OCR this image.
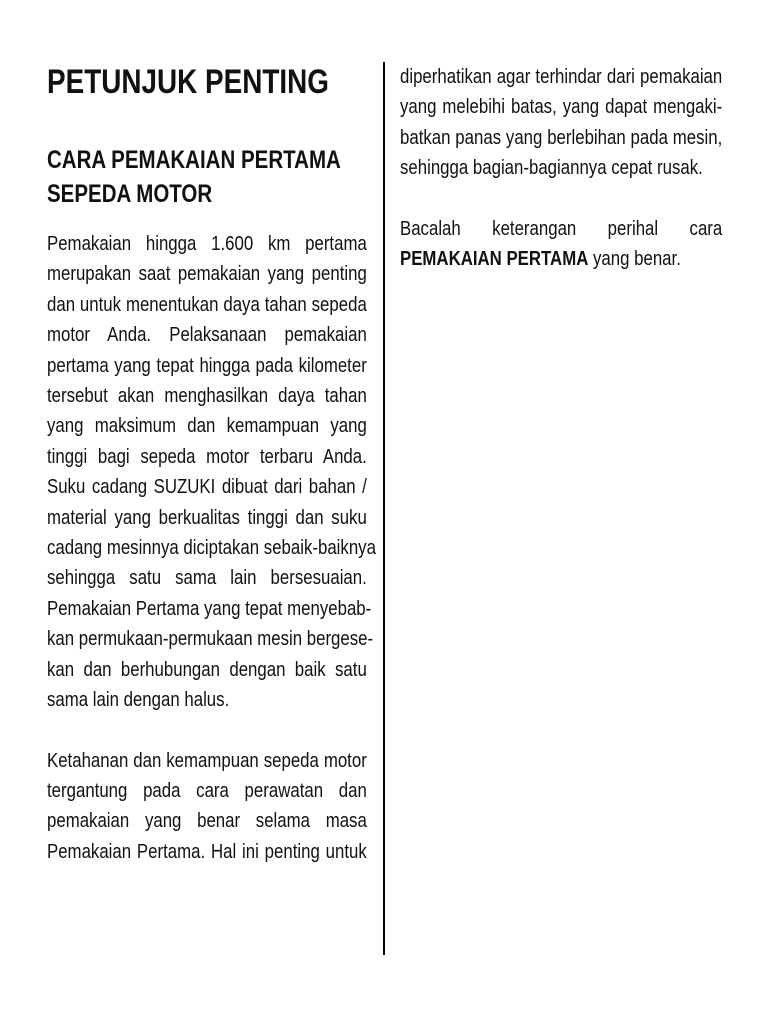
PETUNJUK PENTING
CARA PEMAKAIAN PERTAMA SEPEDA MOTOR

Pemakaian hingga 1.600 km pertama
merupakan saat pemakaian yang penting
dan untuk menentukan daya tahan sepeda
motor Anda. Pelaksanaan pemakaian
pertama yang tepat hingga pada kilometer
tersebut akan menghasilkan daya tahan
yang maksimum dan kemampuan yang
tinggi bagi sepeda motor terbaru Anda.
Suku cadang SUZUKI dibuat dari bahan /
material yang berkualitas tinggi dan suku
cadang mesinnya diciptakan sebaik-baiknya
sehingga satu sama lain bersesuaian.
Pemakaian Pertama yang tepat menyebab-
kan permukaan-permukaan mesin bergese-
kan dan berhubungan dengan baik satu
sama lain dengan halus.

Ketahanan dan kemampuan sepeda motor
tergantung pada cara perawatan dan
pemakaian yang benar selama masa
Pemakaian Pertama. Hal ini penting untuk

diperhatikan agar terhindar dari pemakaian
yang melebihi batas, yang dapat mengaki-
batkan panas yang berlebihan pada mesin,
sehingga bagian-bagiannya cepat rusak.

Bacalah keterangan perihal cara
PEMAKAIAN PERTAMA yang benar.
